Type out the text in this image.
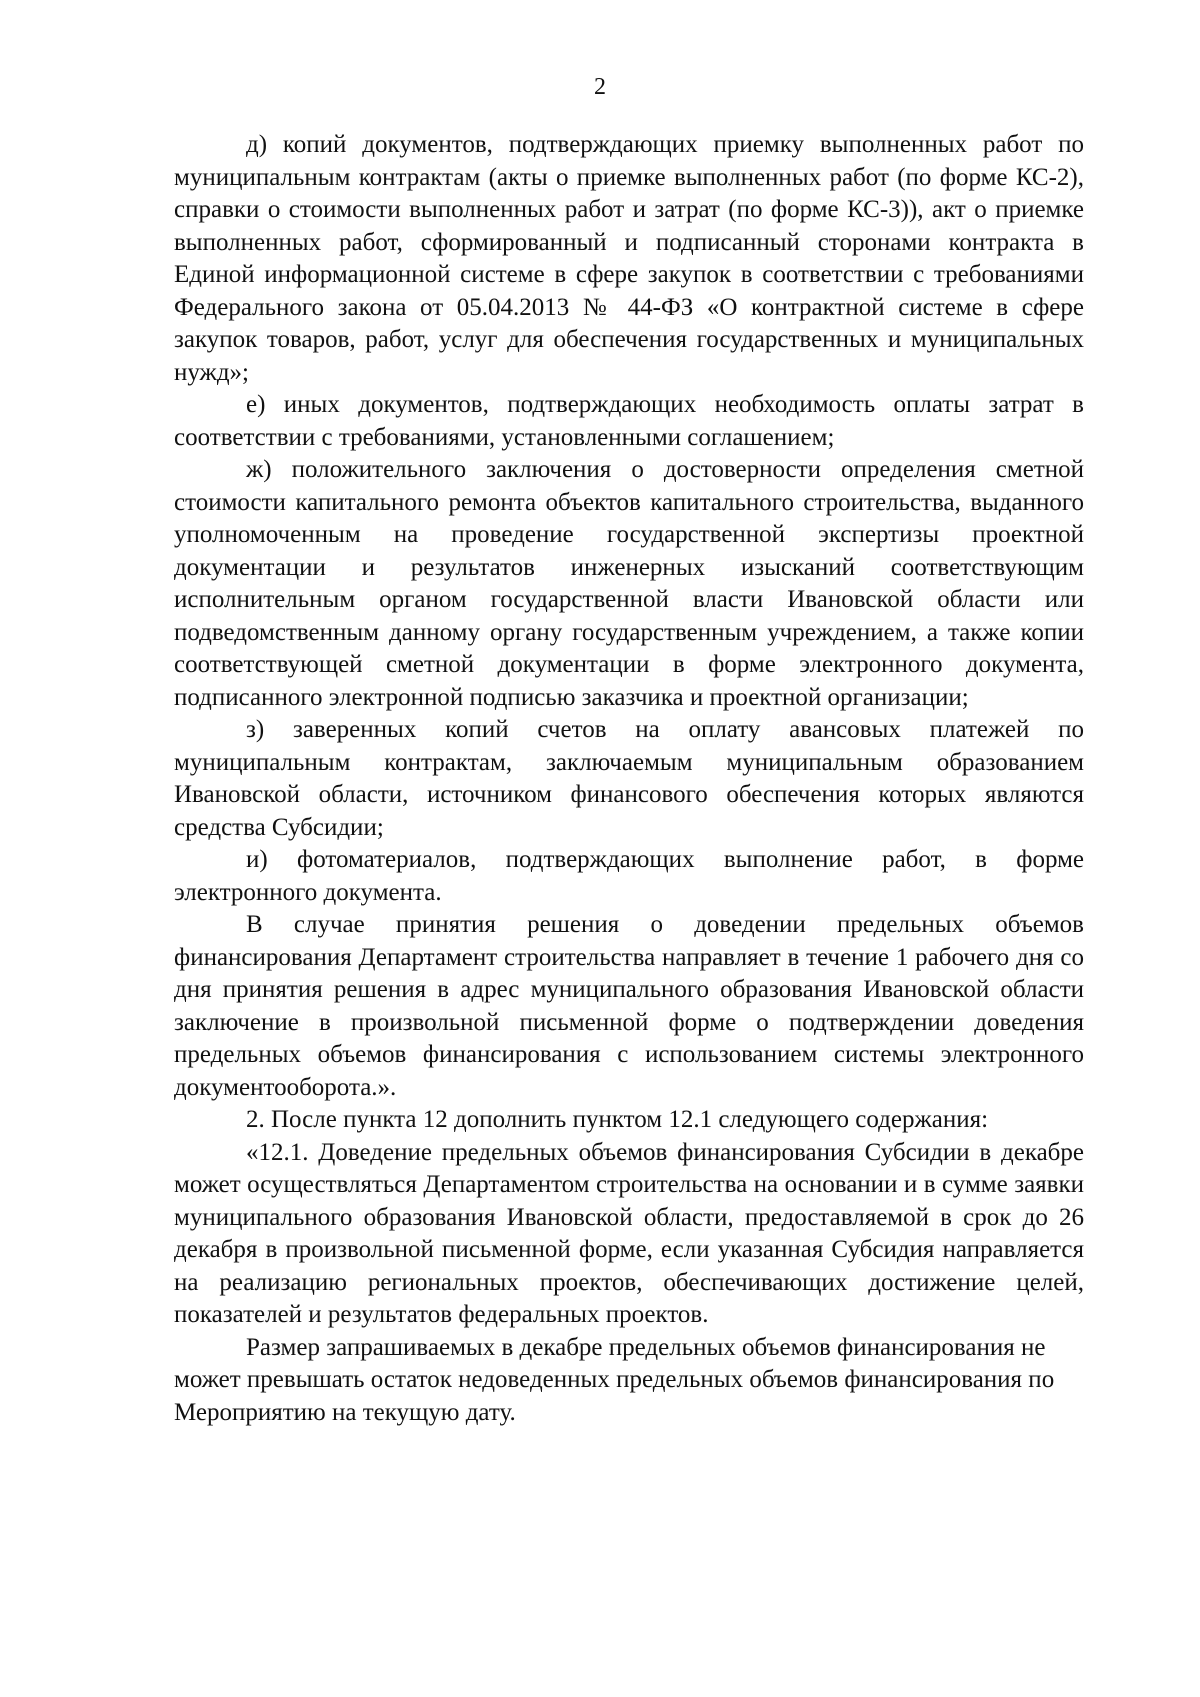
2

д) копий документов, подтверждающих приемку выполненных работ по муниципальным контрактам (акты о приемке выполненных работ (по форме КС-2), справки о стоимости выполненных работ и затрат (по форме КС-3)), акт о приемке выполненных работ, сформированный и подписанный сторонами контракта в Единой информационной системе в сфере закупок в соответствии с требованиями Федерального закона от 05.04.2013 № 44-ФЗ «О контрактной системе в сфере закупок товаров, работ, услуг для обеспечения государственных и муниципальных нужд»;

е) иных документов, подтверждающих необходимость оплаты затрат в соответствии с требованиями, установленными соглашением;

ж) положительного заключения о достоверности определения сметной стоимости капитального ремонта объектов капитального строительства, выданного уполномоченным на проведение государственной экспертизы проектной документации и результатов инженерных изысканий соответствующим исполнительным органом государственной власти Ивановской области или подведомственным данному органу государственным учреждением, а также копии соответствующей сметной документации в форме электронного документа, подписанного электронной подписью заказчика и проектной организации;

з) заверенных копий счетов на оплату авансовых платежей по муниципальным контрактам, заключаемым муниципальным образованием Ивановской области, источником финансового обеспечения которых являются средства Субсидии;

и) фотоматериалов, подтверждающих выполнение работ, в форме электронного документа.

В случае принятия решения о доведении предельных объемов финансирования Департамент строительства направляет в течение 1 рабочего дня со дня принятия решения в адрес муниципального образования Ивановской области заключение в произвольной письменной форме о подтверждении доведения предельных объемов финансирования с использованием системы электронного документооборота.».

2. После пункта 12 дополнить пунктом 12.1 следующего содержания:

«12.1. Доведение предельных объемов финансирования Субсидии в декабре может осуществляться Департаментом строительства на основании и в сумме заявки муниципального образования Ивановской области, предоставляемой в срок до 26 декабря в произвольной письменной форме, если указанная Субсидия направляется на реализацию региональных проектов, обеспечивающих достижение целей, показателей и результатов федеральных проектов.

Размер запрашиваемых в декабре предельных объемов финансирования не может превышать остаток недоведенных предельных объемов финансирования по Мероприятию на текущую дату.
